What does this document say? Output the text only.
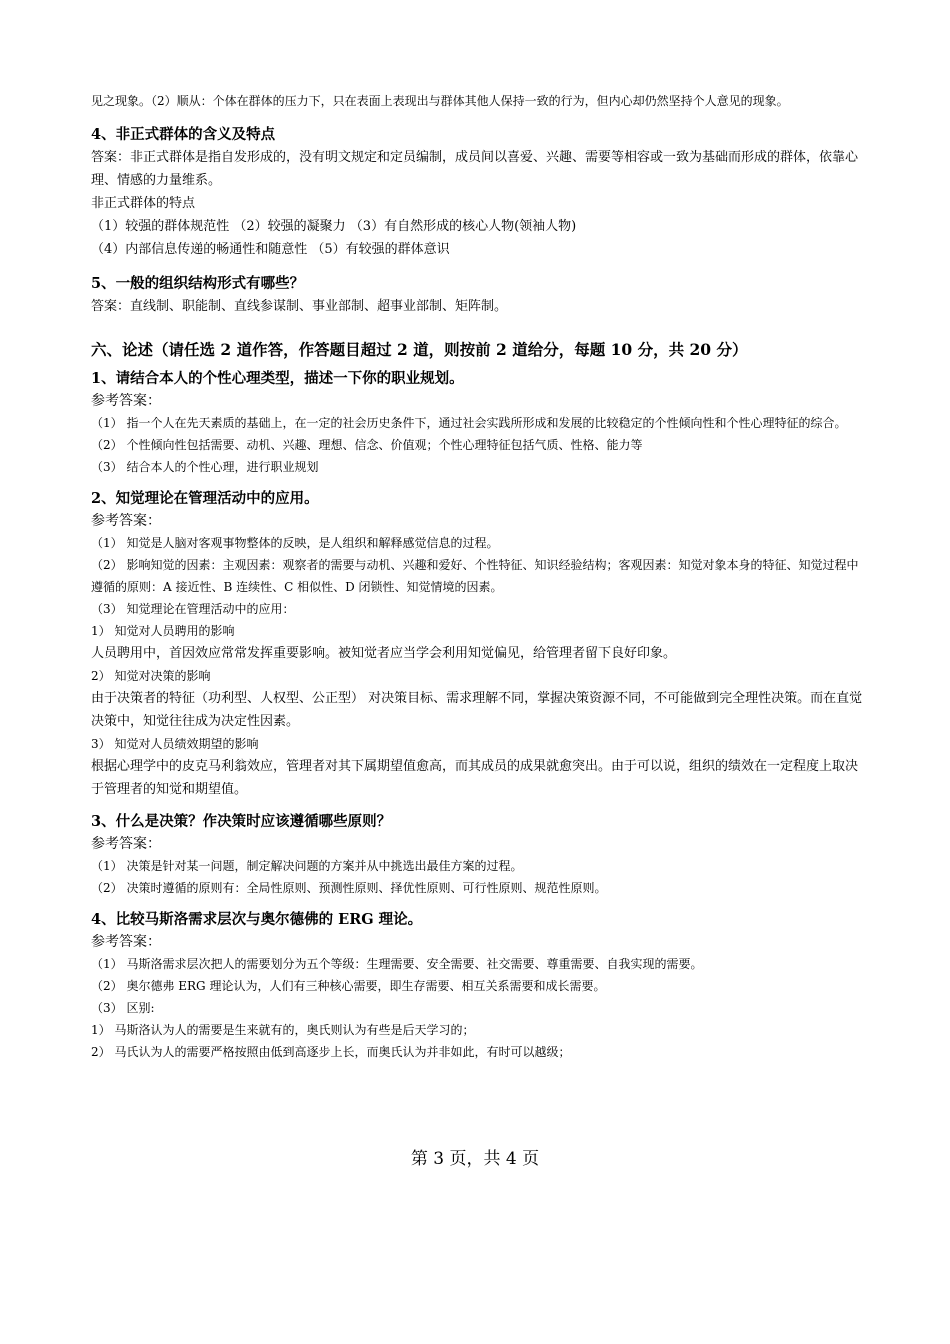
见之现象。（2）顺从：个体在群体的压力下，只在表面上表现出与群体其他人保持一致的行为，但内心却仍然坚持个人意见的现象。

4、非正式群体的含义及特点

答案：非正式群体是指自发形成的，没有明文规定和定员编制，成员间以喜爱、兴趣、需要等相容或一致为基础而形成的群体，依靠心理、情感的力量维系。

非正式群体的特点

（1）较强的群体规范性 （2）较强的凝聚力 （3）有自然形成的核心人物(领袖人物)

（4）内部信息传递的畅通性和随意性 （5）有较强的群体意识

5、一般的组织结构形式有哪些？

答案：直线制、职能制、直线参谋制、事业部制、超事业部制、矩阵制。

六、论述（请任选 2 道作答，作答题目超过 2 道，则按前 2 道给分，每题 10 分，共 20 分）

1、请结合本人的个性心理类型，描述一下你的职业规划。

参考答案：

（1） 指一个人在先天素质的基础上，在一定的社会历史条件下，通过社会实践所形成和发展的比较稳定的个性倾向性和个性心理特征的综合。

（2） 个性倾向性包括需要、动机、兴趣、理想、信念、价值观；个性心理特征包括气质、性格、能力等

（3） 结合本人的个性心理，进行职业规划

2、知觉理论在管理活动中的应用。

参考答案：

（1） 知觉是人脑对客观事物整体的反映，是人组织和解释感觉信息的过程。

（2） 影响知觉的因素：主观因素：观察者的需要与动机、兴趣和爱好、个性特征、知识经验结构；客观因素：知觉对象本身的特征、知觉过程中遵循的原则：A 接近性、B 连续性、C 相似性、D 闭锁性、知觉情境的因素。

（3） 知觉理论在管理活动中的应用：

1） 知觉对人员聘用的影响

人员聘用中，首因效应常常发挥重要影响。被知觉者应当学会利用知觉偏见，给管理者留下良好印象。

2） 知觉对决策的影响

由于决策者的特征（功利型、人权型、公正型） 对决策目标、需求理解不同，掌握决策资源不同，不可能做到完全理性决策。而在直觉决策中，知觉往往成为决定性因素。

3） 知觉对人员绩效期望的影响

根据心理学中的皮克马利翁效应，管理者对其下属期望值愈高，而其成员的成果就愈突出。由于可以说，组织的绩效在一定程度上取决于管理者的知觉和期望值。

3、什么是决策？作决策时应该遵循哪些原则？

参考答案：

（1） 决策是针对某一问题，制定解决问题的方案并从中挑选出最佳方案的过程。

（2） 决策时遵循的原则有：全局性原则、预测性原则、择优性原则、可行性原则、规范性原则。

4、比较马斯洛需求层次与奥尔德佛的 ERG 理论。

参考答案：

（1） 马斯洛需求层次把人的需要划分为五个等级：生理需要、安全需要、社交需要、尊重需要、自我实现的需要。

（2） 奥尔德弗 ERG 理论认为，人们有三种核心需要，即生存需要、相互关系需要和成长需要。

（3） 区别:

1） 马斯洛认为人的需要是生来就有的，奥氏则认为有些是后天学习的；

2） 马氏认为人的需要严格按照由低到高逐步上长，而奥氏认为并非如此，有时可以越级；

第 3 页，共 4 页
